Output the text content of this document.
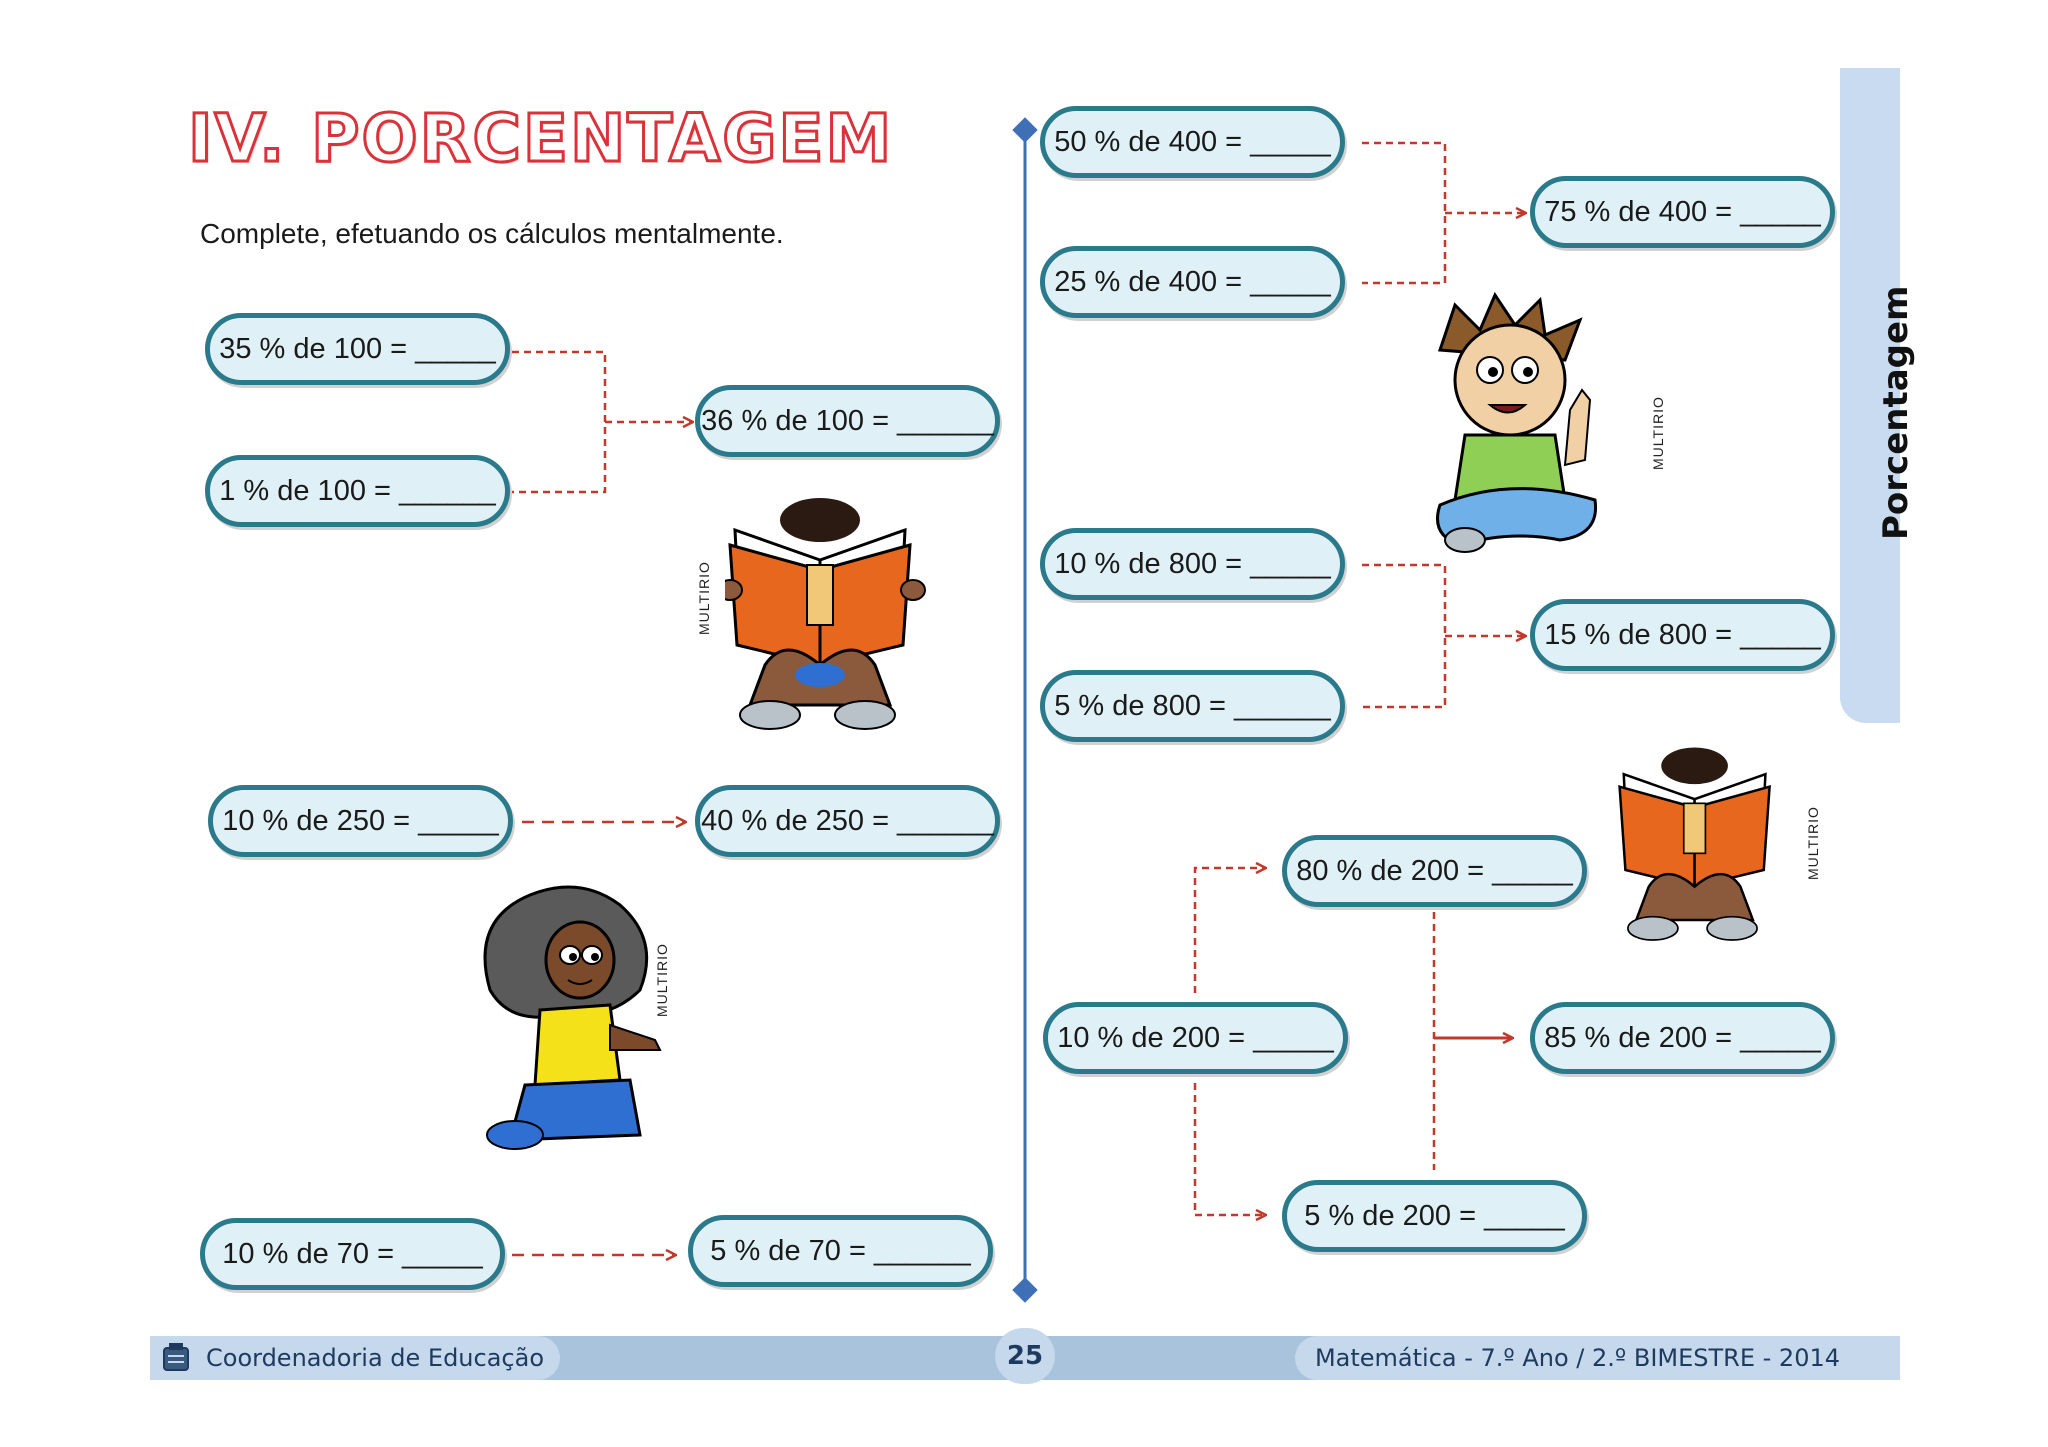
IV. PORCENTAGEM
Complete, efetuando os cálculos mentalmente.
35 % de 100 = _____
1 % de 100 = ______
36 % de 100 = ______
10 % de 250 = _____	40 % de 250 = ______
10 % de 70 = _____	5 % de 70 = ______
50 % de 400 = _____
25 % de 400 = _____
75 % de 400 = _____
10 % de 800 = _____
5 % de 800 = ______
15 % de 800 = _____
80 % de 200 = _____
10 % de 200 = _____	85 % de 200 = _____
5 % de 200 = _____
Porcentagem
MULTIRIO
MULTIRIO
MULTIRIO
MULTIRIO
Coordenadoria de Educação	25	Matemática - 7.º Ano / 2.º BIMESTRE - 2014
